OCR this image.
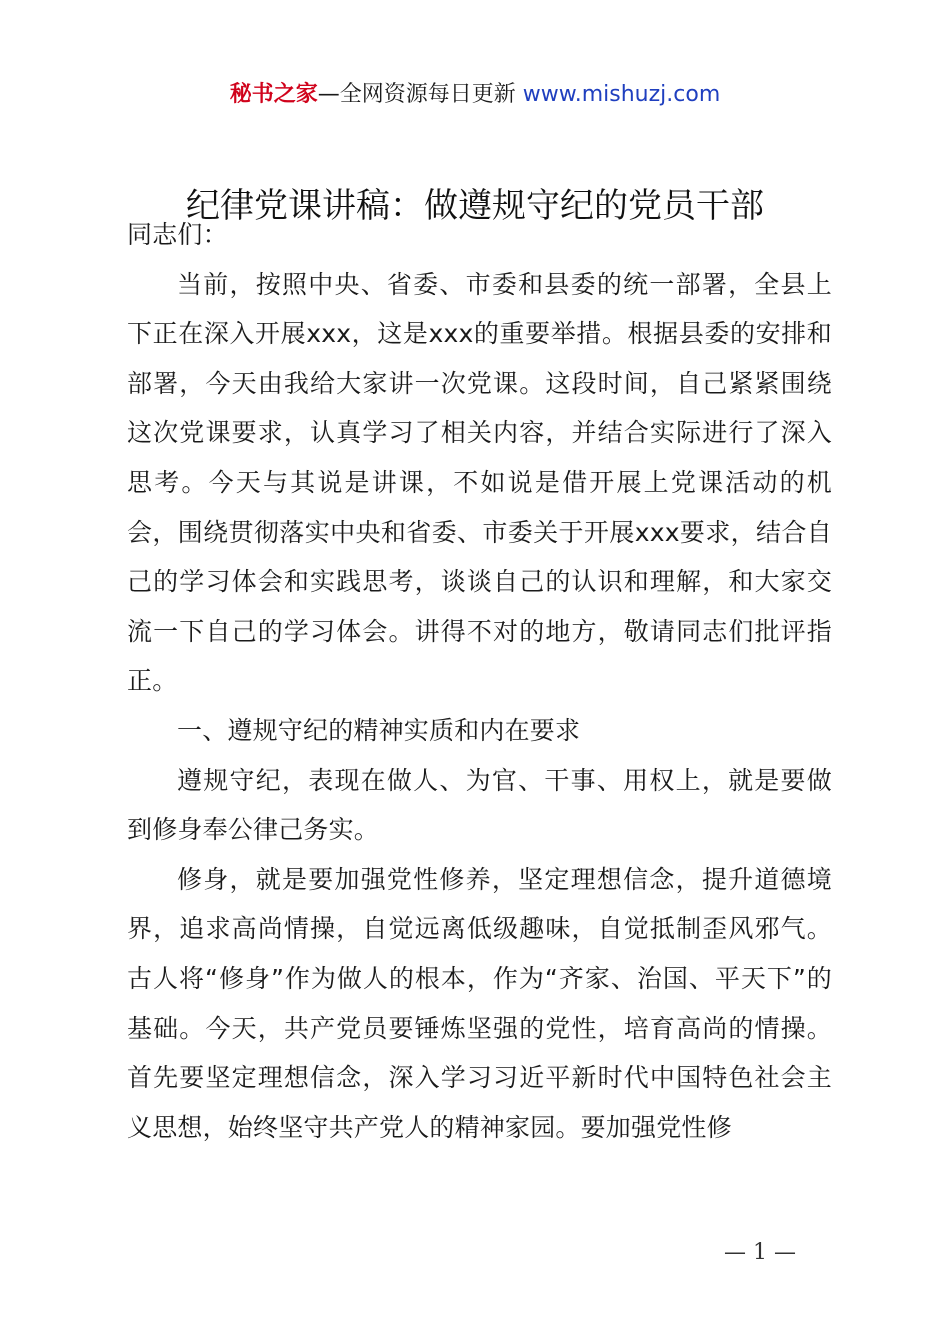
秘书之家—全网资源每日更新 www.mishuzj.com
纪律党课讲稿：做遵规守纪的党员干部

同志们：

当前，按照中央、省委、市委和县委的统一部署，全县上下正在深入开展xxx，这是xxx的重要举措。根据县委的安排和部署，今天由我给大家讲一次党课。这段时间，自己紧紧围绕这次党课要求，认真学习了相关内容，并结合实际进行了深入思考。今天与其说是讲课，不如说是借开展上党课活动的机会，围绕贯彻落实中央和省委、市委关于开展xxx要求，结合自己的学习体会和实践思考，谈谈自己的认识和理解，和大家交流一下自己的学习体会。讲得不对的地方，敬请同志们批评指正。

一、遵规守纪的精神实质和内在要求

遵规守纪，表现在做人、为官、干事、用权上，就是要做到修身奉公律己务实。

修身，就是要加强党性修养，坚定理想信念，提升道德境界，追求高尚情操，自觉远离低级趣味，自觉抵制歪风邪气。古人将“修身”作为做人的根本，作为“齐家、治国、平天下”的基础。今天，共产党员要锤炼坚强的党性，培育高尚的情操。首先要坚定理想信念，深入学习习近平新时代中国特色社会主义思想，始终坚守共产党人的精神家园。要加强党性修

— 1 —
